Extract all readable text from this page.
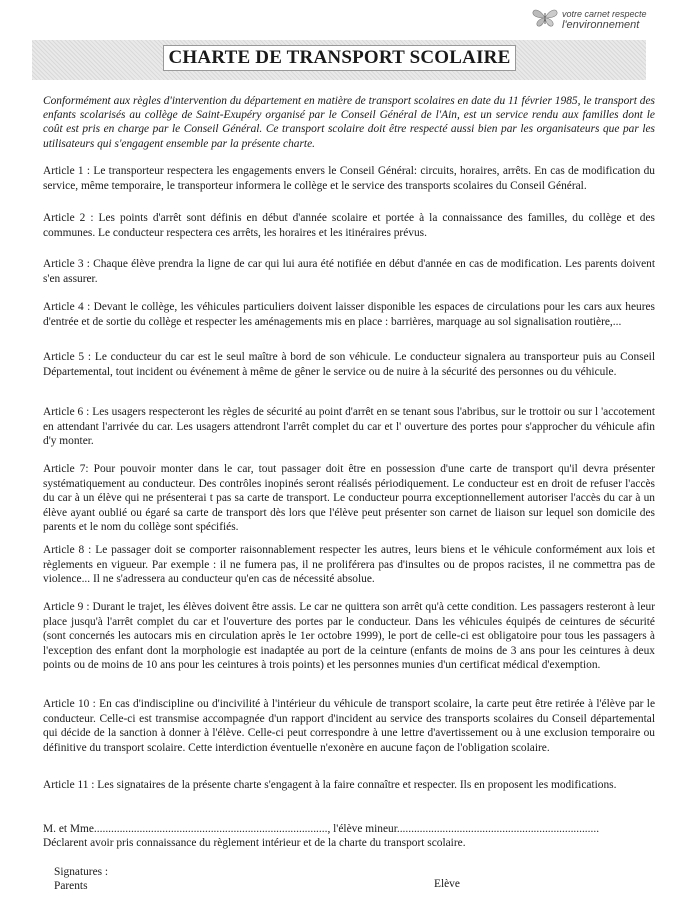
votre carnet respecte
l'environnement
CHARTE DE TRANSPORT SCOLAIRE

Conformément aux règles d'intervention du département en matière de transport scolaires en date du 11 février 1985, le transport des enfants scolarisés au collège de Saint-Exupéry organisé par le Conseil Général de l'Ain, est un service rendu aux familles dont le coût est pris en charge par le Conseil Général. Ce transport scolaire doit être respecté aussi bien par les organisateurs que par les utilisateurs qui s'engagent ensemble par la présente charte.

Article 1 : Le transporteur respectera les engagements envers le Conseil Général: circuits, horaires, arrêts. En cas de modification du service, même temporaire, le transporteur informera le collège et le service des transports scolaires du Conseil Général.
Article 2 : Les points d'arrêt sont définis en début d'année scolaire et portée à la connaissance des familles, du collège et des communes. Le conducteur respectera ces arrêts, les horaires et les itinéraires prévus.
Article 3 : Chaque élève prendra la ligne de car qui lui aura été notifiée en début d'année en cas de modification. Les parents doivent s'en assurer.
Article 4 : Devant le collège, les véhicules particuliers doivent laisser disponible les espaces de circulations pour les cars aux heures d'entrée et de sortie du collège et respecter les aménagements mis en place : barrières, marquage au sol signalisation routière,...
Article 5 : Le conducteur du car est le seul maître à bord de son véhicule. Le conducteur signalera au transporteur puis au Conseil Départemental, tout incident ou événement à même de gêner le service ou de nuire à la sécurité des personnes ou du véhicule.
Article 6 : Les usagers respecteront les règles de sécurité au point d'arrêt en se tenant sous l'abribus, sur le trottoir ou sur l 'accotement en attendant l'arrivée du car. Les usagers attendront l'arrêt complet du car et l' ouverture des portes pour s'approcher du véhicule afin d'y monter.
Article 7: Pour pouvoir monter dans le car, tout passager doit être en possession d'une carte de transport qu'il devra présenter systématiquement au conducteur. Des contrôles inopinés seront réalisés périodiquement. Le conducteur est en droit de refuser l'accès du car à un élève qui ne présenterai t pas sa carte de transport. Le conducteur pourra exceptionnellement autoriser l'accès du car à un élève ayant oublié ou égaré sa carte de transport dès lors que l'élève peut présenter son carnet de liaison sur lequel son domicile des parents et le nom du collège sont spécifiés.
Article 8 : Le passager doit se comporter raisonnablement respecter les autres, leurs biens et le véhicule conformément aux lois et règlements en vigueur. Par exemple : il ne fumera pas, il ne proliférera pas d'insultes ou de propos racistes, il ne commettra pas de violence... Il ne s'adressera au conducteur qu'en cas de nécessité absolue.
Article 9 : Durant le trajet, les élèves doivent être assis. Le car ne quittera son arrêt qu'à cette condition. Les passagers resteront à leur place jusqu'à l'arrêt complet du car et l'ouverture des portes par le conducteur. Dans les véhicules équipés de ceintures de sécurité (sont concernés les autocars mis en circulation après le 1er octobre 1999), le port de celle-ci est obligatoire pour tous les passagers à l'exception des enfant dont la morphologie est inadaptée au port de la ceinture (enfants de moins de 3 ans pour les ceintures à deux points ou de moins de 10 ans pour les ceintures à trois points) et les personnes munies d'un certificat médical d'exemption.
Article 10 : En cas d'indiscipline ou d'incivilité à l'intérieur du véhicule de transport scolaire, la carte peut être retirée à l'élève par le conducteur. Celle-ci est transmise accompagnée d'un rapport d'incident au service des transports scolaires du Conseil départemental qui décide de la sanction à donner à l'élève. Celle-ci peut correspondre à une lettre d'avertissement ou à une exclusion temporaire ou définitive du transport scolaire. Cette interdiction éventuelle n'exonère en aucune façon de l'obligation scolaire.
Article 11 : Les signataires de la présente charte s'engagent à la faire connaître et respecter. Ils en proposent les modifications.
M. et Mme.................................................................................., l'élève mineur.......................................................................
Déclarent avoir pris connaissance du règlement intérieur et de la charte du transport scolaire.
Signatures :
Parents	Elève
